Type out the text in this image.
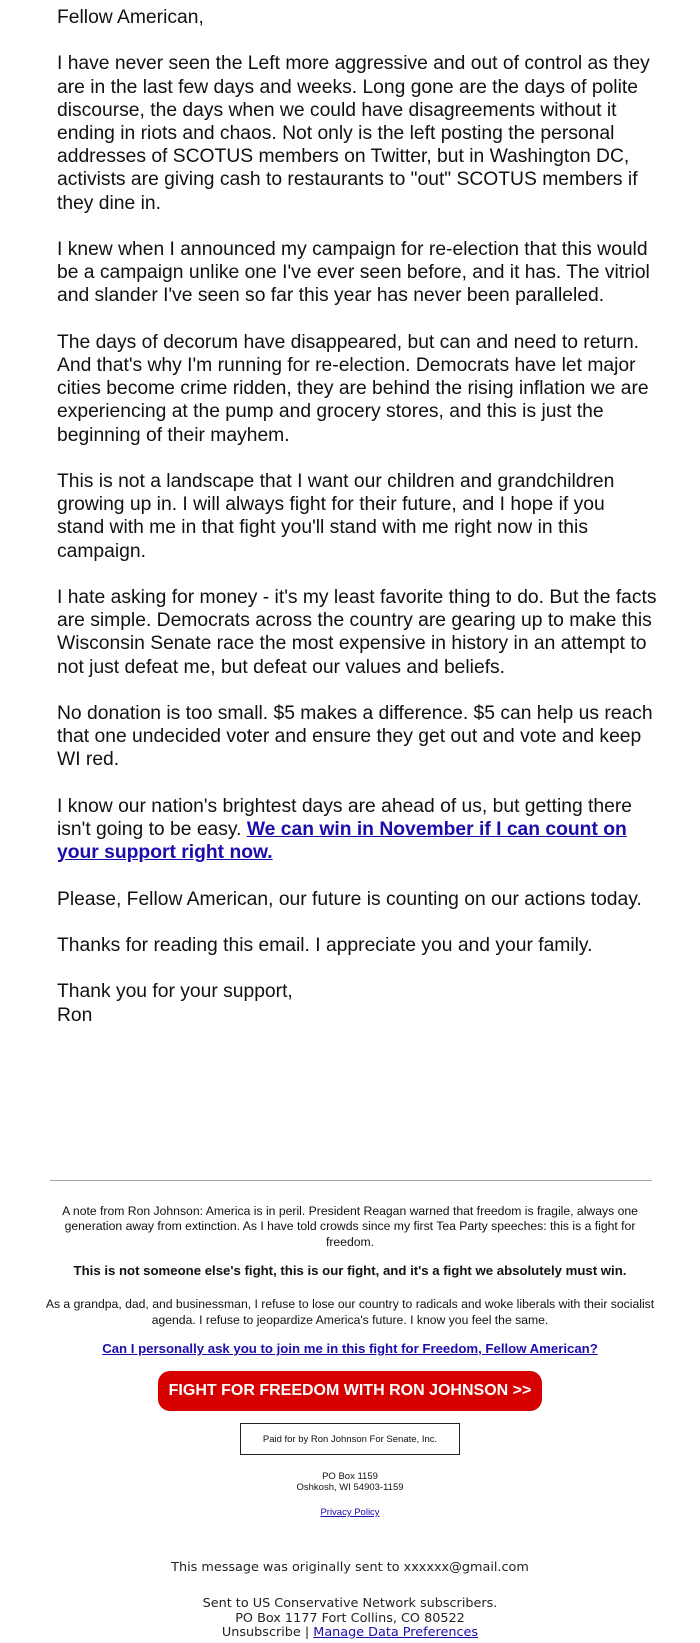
Fellow American,

I have never seen the Left more aggressive and out of control as they are in the last few days and weeks. Long gone are the days of polite discourse, the days when we could have disagreements without it ending in riots and chaos. Not only is the left posting the personal addresses of SCOTUS members on Twitter, but in Washington DC, activists are giving cash to restaurants to "out" SCOTUS members if they dine in.

I knew when I announced my campaign for re-election that this would be a campaign unlike one I've ever seen before, and it has. The vitriol and slander I've seen so far this year has never been paralleled.

The days of decorum have disappeared, but can and need to return. And that's why I'm running for re-election. Democrats have let major cities become crime ridden, they are behind the rising inflation we are experiencing at the pump and grocery stores, and this is just the beginning of their mayhem.

This is not a landscape that I want our children and grandchildren growing up in. I will always fight for their future, and I hope if you stand with me in that fight you'll stand with me right now in this campaign.

I hate asking for money - it's my least favorite thing to do. But the facts are simple. Democrats across the country are gearing up to make this Wisconsin Senate race the most expensive in history in an attempt to not just defeat me, but defeat our values and beliefs.

No donation is too small. $5 makes a difference. $5 can help us reach that one undecided voter and ensure they get out and vote and keep WI red.

I know our nation's brightest days are ahead of us, but getting there isn't going to be easy. We can win in November if I can count on your support right now.

Please, Fellow American, our future is counting on our actions today.

Thanks for reading this email. I appreciate you and your family.

Thank you for your support,
Ron

A note from Ron Johnson: America is in peril. President Reagan warned that freedom is fragile, always one generation away from extinction. As I have told crowds since my first Tea Party speeches: this is a fight for freedom.
This is not someone else's fight, this is our fight, and it's a fight we absolutely must win.
As a grandpa, dad, and businessman, I refuse to lose our country to radicals and woke liberals with their socialist agenda. I refuse to jeopardize America's future. I know you feel the same.
Can I personally ask you to join me in this fight for Freedom, Fellow American?
FIGHT FOR FREEDOM WITH RON JOHNSON >>
Paid for by Ron Johnson For Senate, Inc.
PO Box 1159
Oshkosh, WI 54903-1159
Privacy Policy
This message was originally sent to xxxxxx@gmail.com
Sent to US Conservative Network subscribers.
PO Box 1177 Fort Collins, CO 80522
Unsubscribe | Manage Data Preferences
